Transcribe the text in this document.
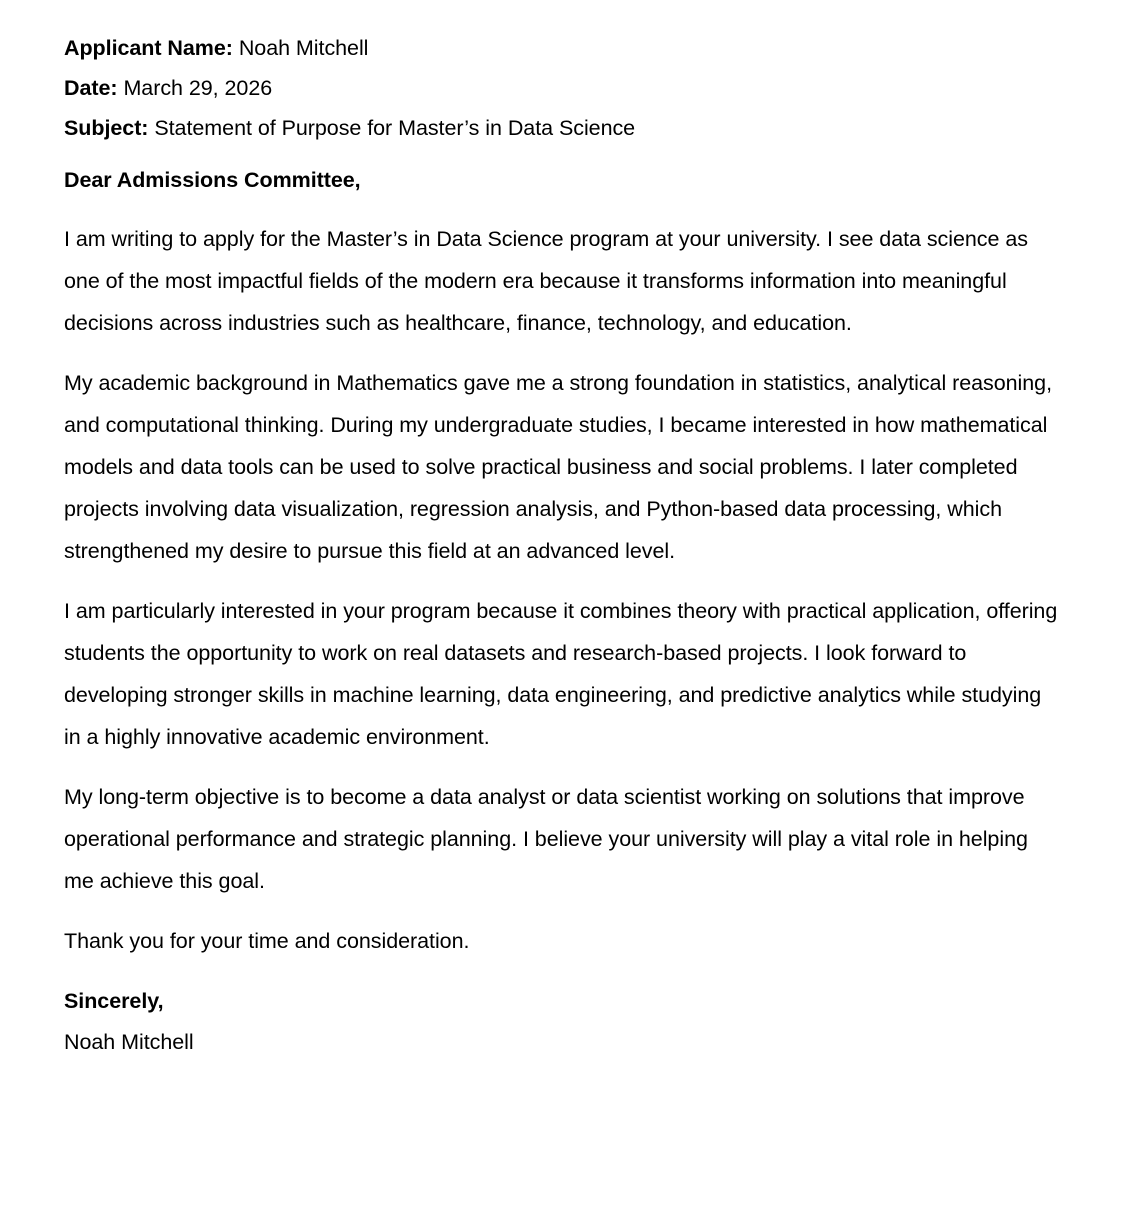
Applicant Name: Noah Mitchell
Date: March 29, 2026
Subject: Statement of Purpose for Master’s in Data Science
Dear Admissions Committee,

I am writing to apply for the Master’s in Data Science program at your university. I see data science as one of the most impactful fields of the modern era because it transforms information into meaningful decisions across industries such as healthcare, finance, technology, and education.

My academic background in Mathematics gave me a strong foundation in statistics, analytical reasoning, and computational thinking. During my undergraduate studies, I became interested in how mathematical models and data tools can be used to solve practical business and social problems. I later completed projects involving data visualization, regression analysis, and Python-based data processing, which strengthened my desire to pursue this field at an advanced level.

I am particularly interested in your program because it combines theory with practical application, offering students the opportunity to work on real datasets and research-based projects. I look forward to developing stronger skills in machine learning, data engineering, and predictive analytics while studying in a highly innovative academic environment.

My long-term objective is to become a data analyst or data scientist working on solutions that improve operational performance and strategic planning. I believe your university will play a vital role in helping me achieve this goal.

Thank you for your time and consideration.

Sincerely,
Noah Mitchell
